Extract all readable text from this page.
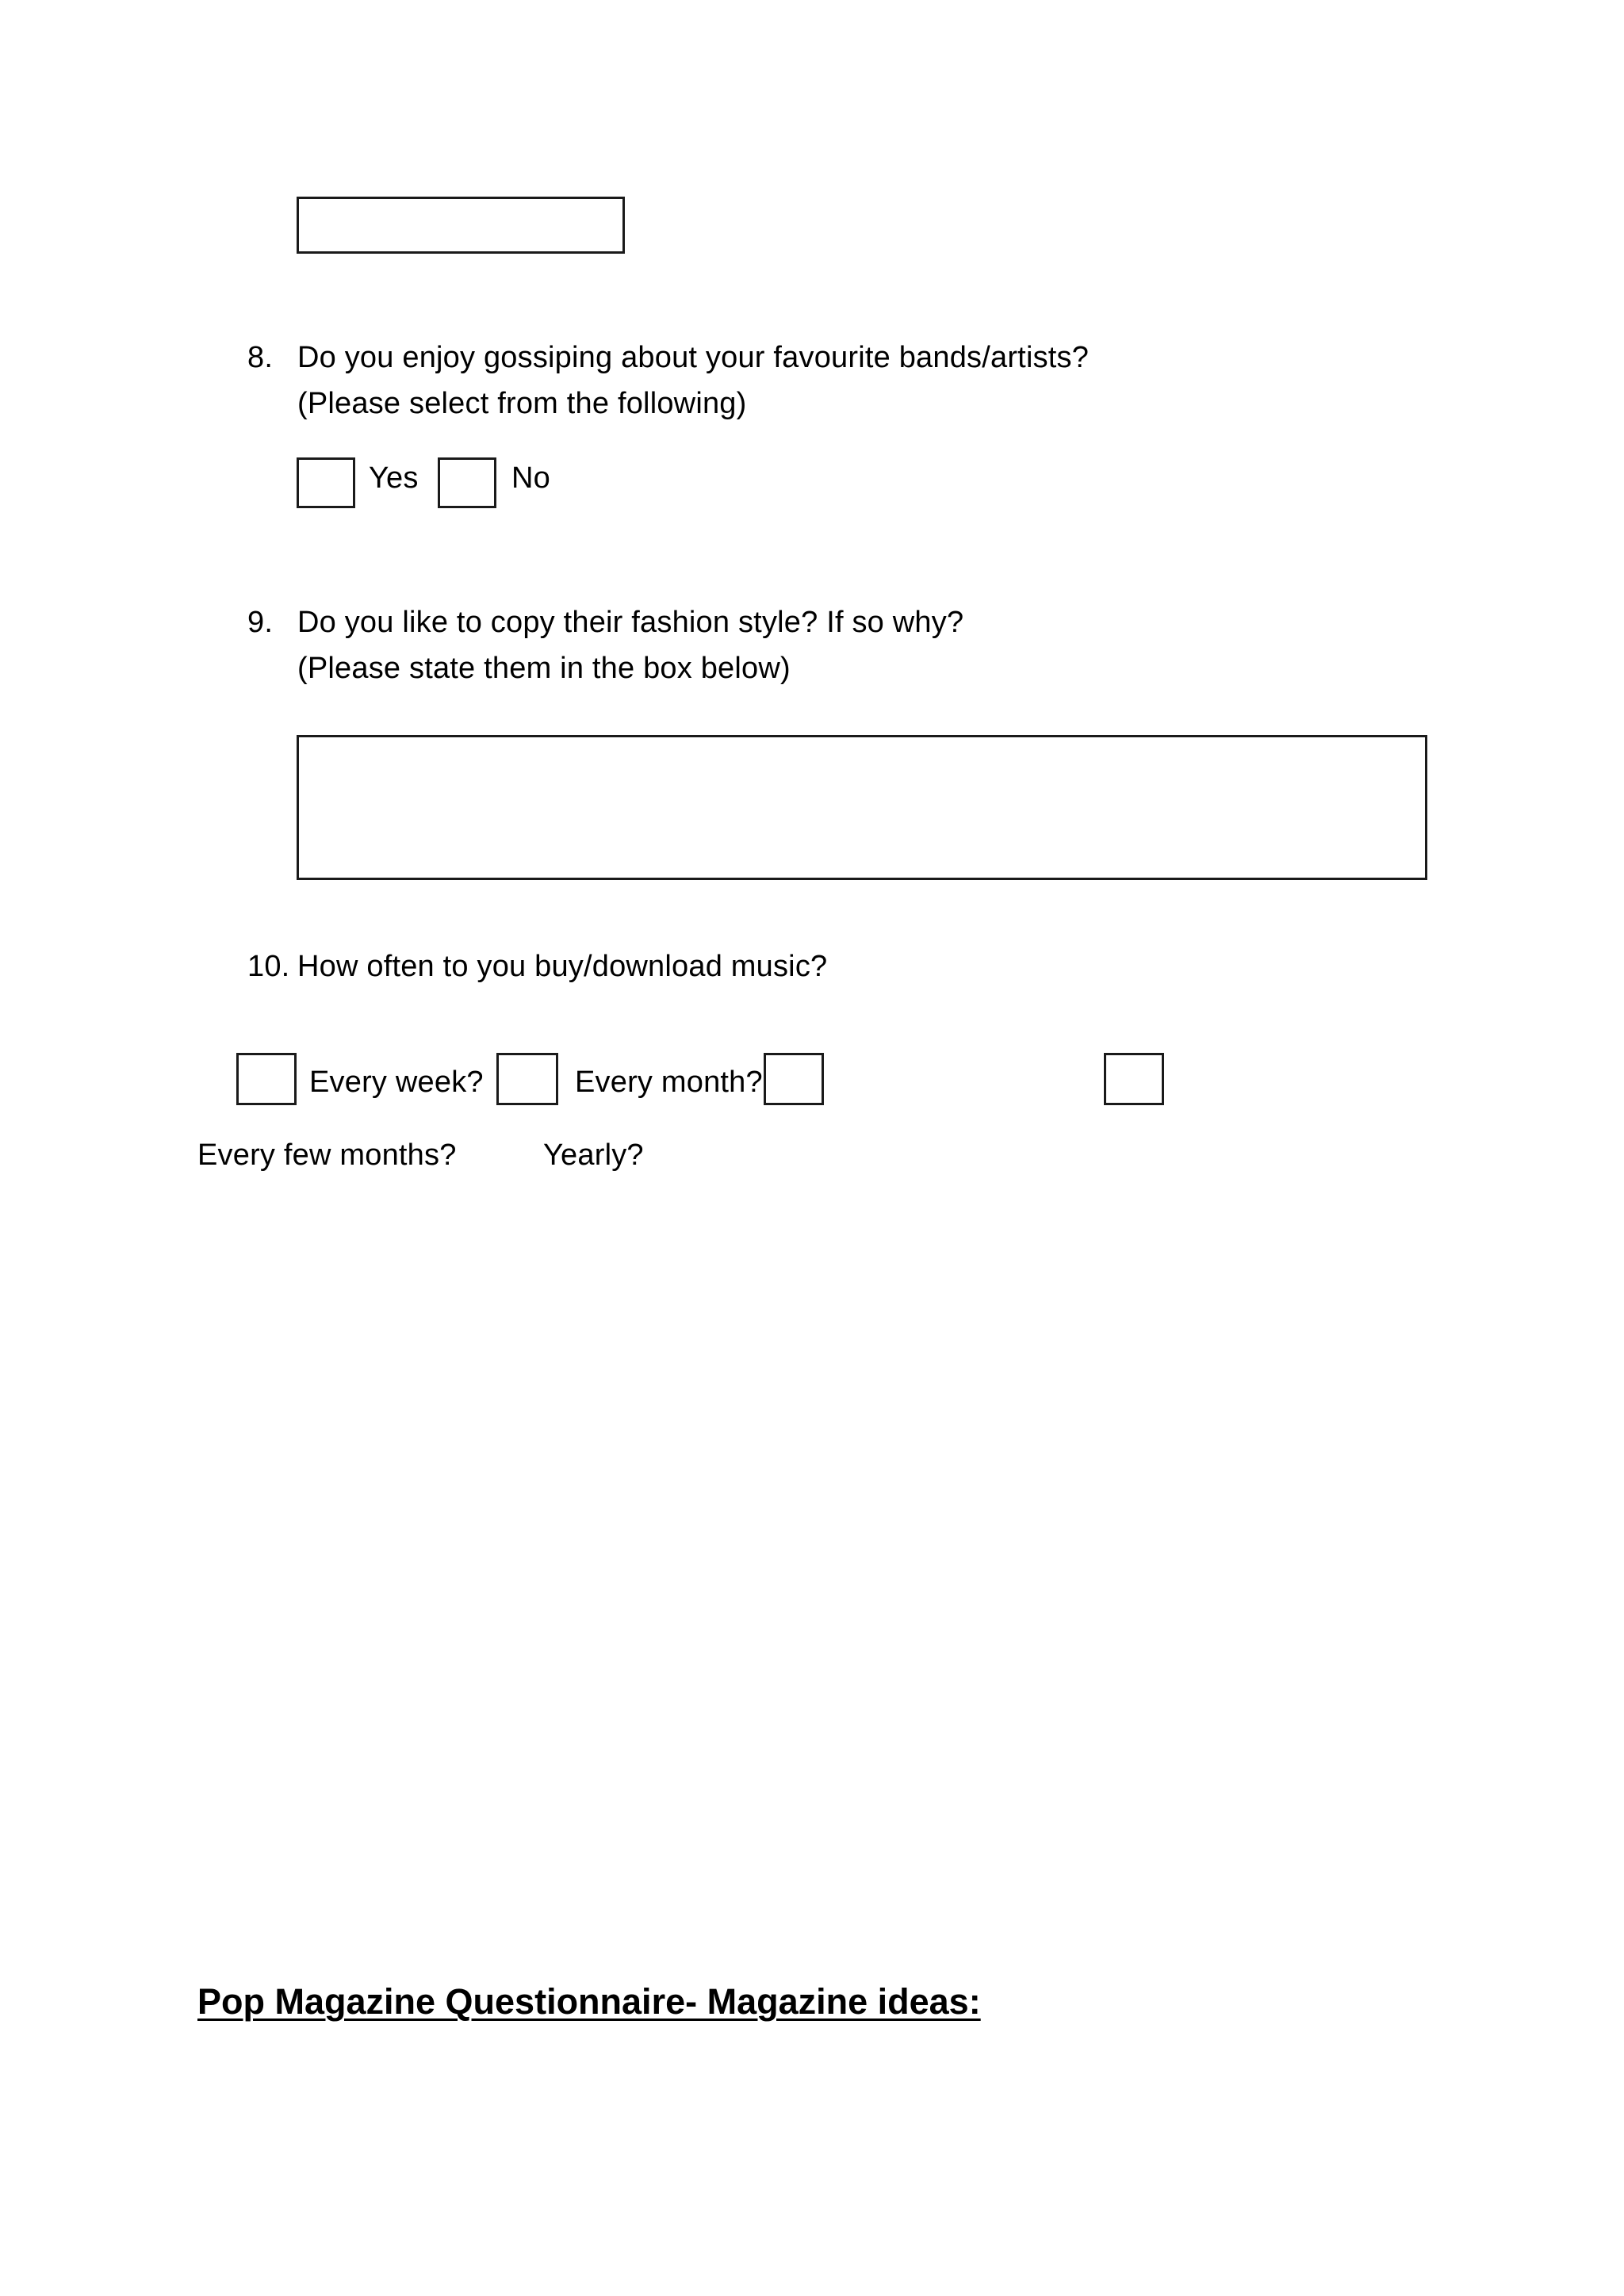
8. Do you enjoy gossiping about your favourite bands/artists?
(Please select from the following)
Yes	No
9. Do you like to copy their fashion style? If so why?
(Please state them in the box below)
10. How often to you buy/download music?
Every week?	Every month?
Every few months?	Yearly?
Pop Magazine Questionnaire- Magazine ideas:
